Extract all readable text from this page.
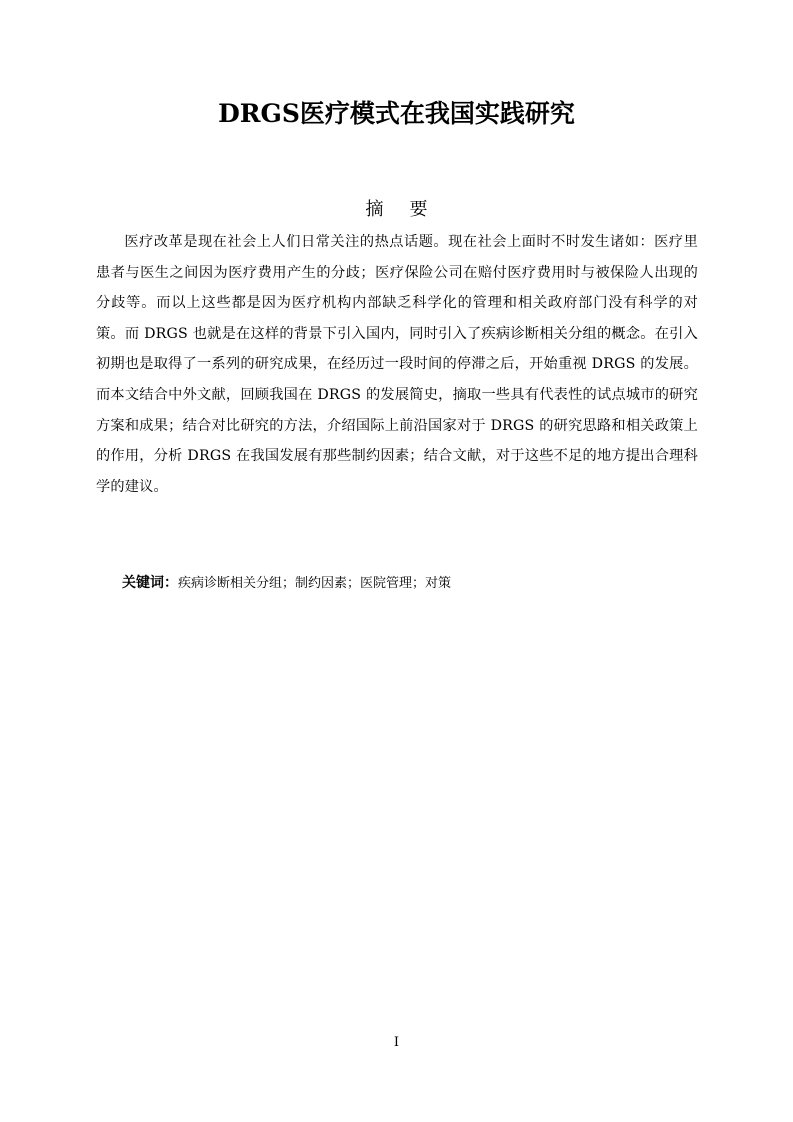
DRGS医疗模式在我国实践研究
摘 要
医疗改革是现在社会上人们日常关注的热点话题。现在社会上面时不时发生诸如：医疗里患者与医生之间因为医疗费用产生的分歧；医疗保险公司在赔付医疗费用时与被保险人出现的分歧等。而以上这些都是因为医疗机构内部缺乏科学化的管理和相关政府部门没有科学的对策。而 DRGS 也就是在这样的背景下引入国内，同时引入了疾病诊断相关分组的概念。在引入初期也是取得了一系列的研究成果，在经历过一段时间的停滞之后，开始重视 DRGS 的发展。而本文结合中外文献，回顾我国在 DRGS 的发展简史，摘取一些具有代表性的试点城市的研究方案和成果；结合对比研究的方法，介绍国际上前沿国家对于 DRGS 的研究思路和相关政策上的作用，分析 DRGS 在我国发展有那些制约因素；结合文献，对于这些不足的地方提出合理科学的建议。
关键词：疾病诊断相关分组；制约因素；医院管理；对策
I
